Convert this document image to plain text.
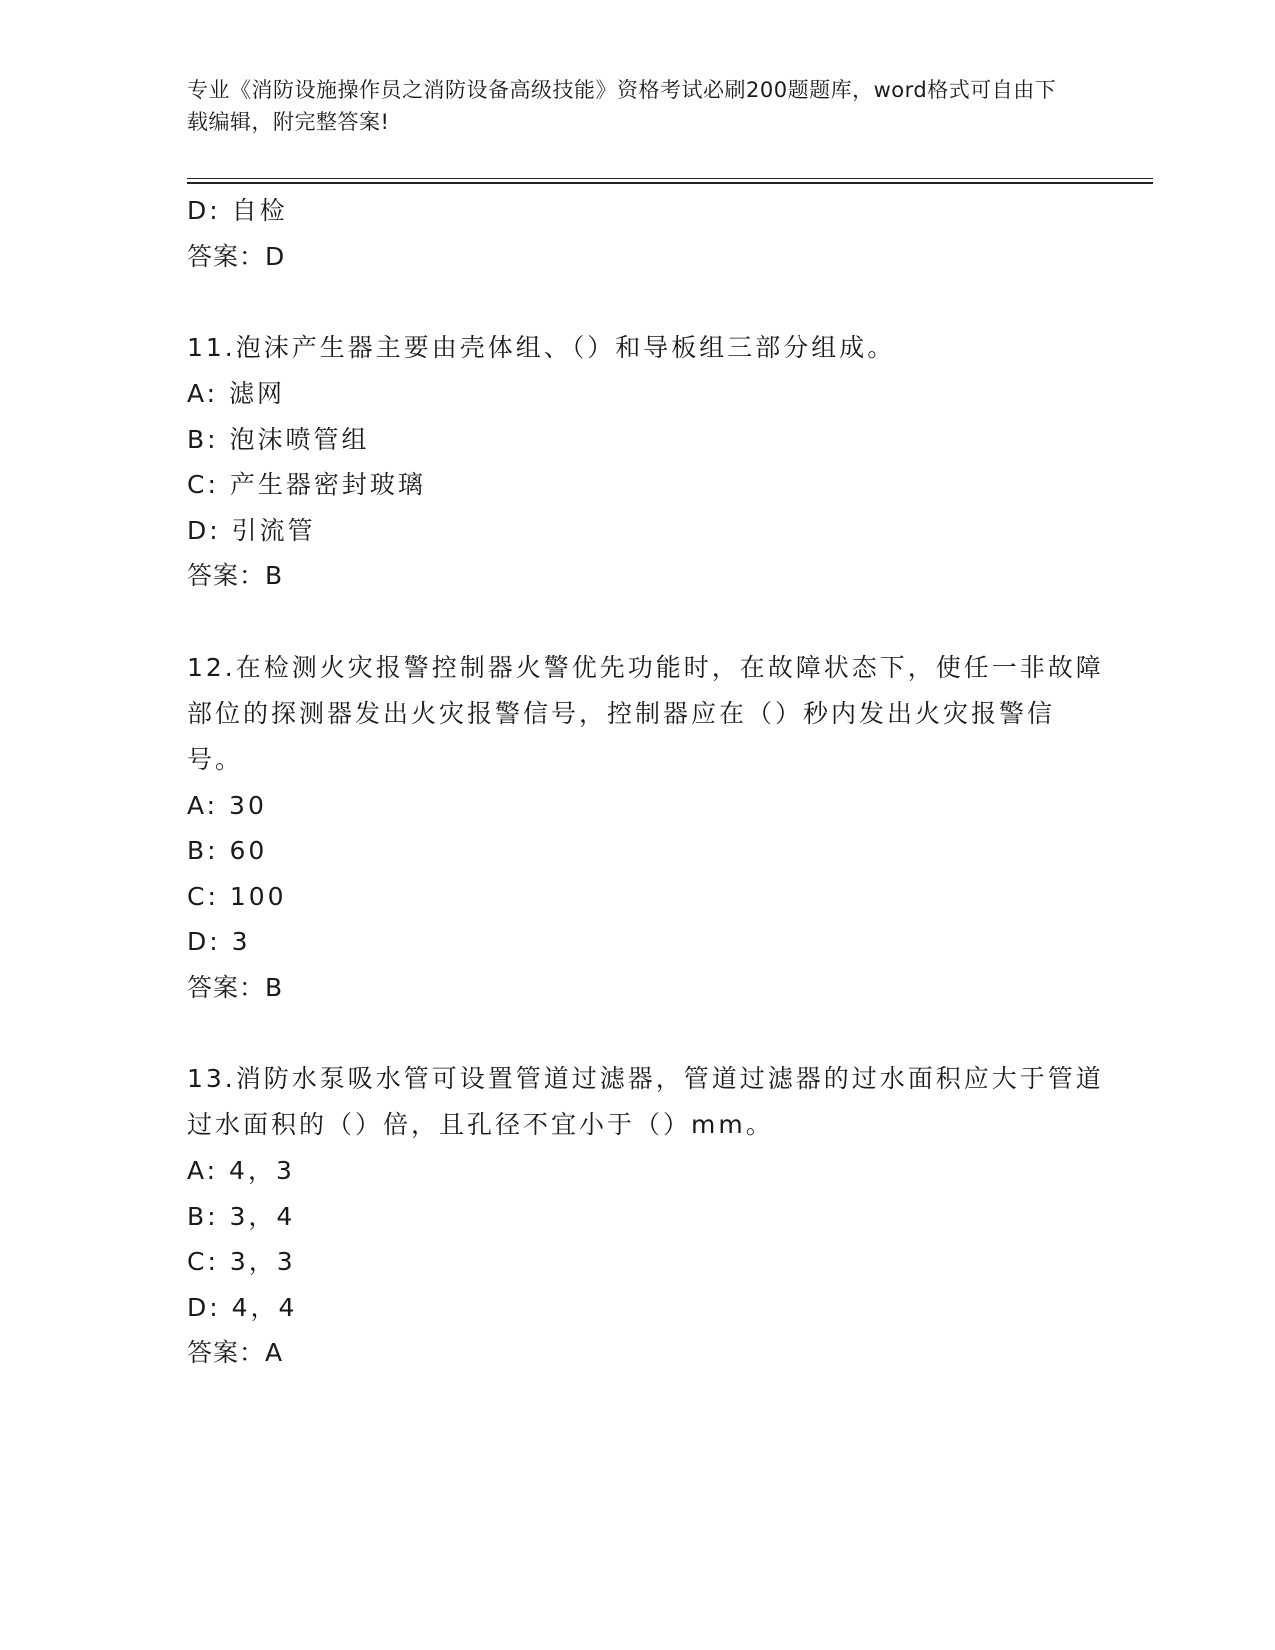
专业《消防设施操作员之消防设备高级技能》资格考试必刷200题题库，word格式可自由下载编辑，附完整答案!

D: 自检

答案：D

11.泡沫产生器主要由壳体组、（）和导板组三部分组成。

A: 滤网

B: 泡沫喷管组

C: 产生器密封玻璃

D: 引流管

答案：B

12.在检测火灾报警控制器火警优先功能时，在故障状态下，使任一非故障部位的探测器发出火灾报警信号，控制器应在（）秒内发出火灾报警信号。

A: 30

B: 60

C: 100

D: 3

答案：B

13.消防水泵吸水管可设置管道过滤器，管道过滤器的过水面积应大于管道过水面积的（）倍，且孔径不宜小于（）mm。

A: 4，3

B: 3，4

C: 3，3

D: 4，4

答案：A
